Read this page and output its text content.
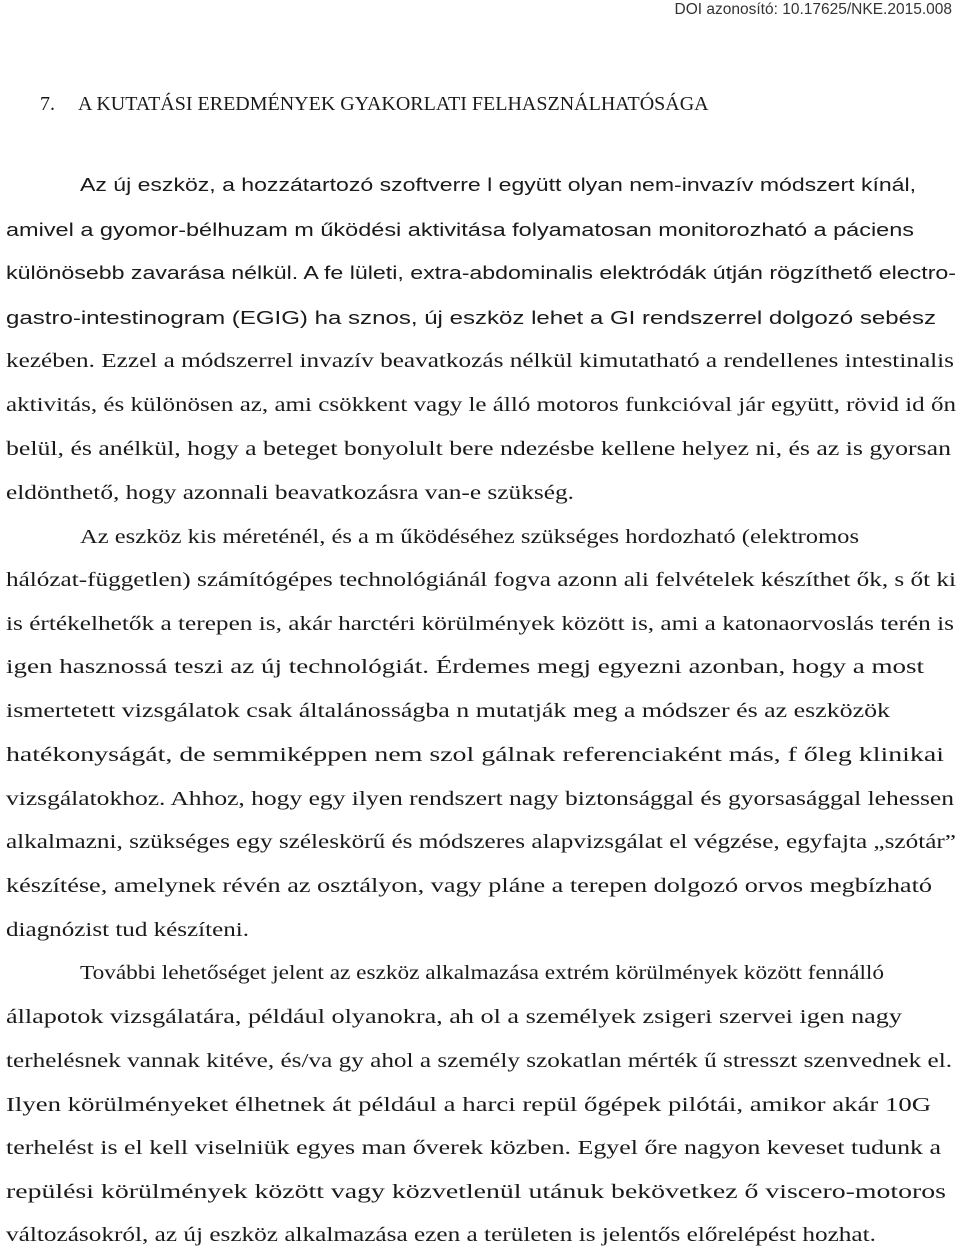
DOI azonosító: 10.17625/NKE.2015.008
7. A KUTATÁSI EREDMÉNYEK GYAKORLATI FELHASZNÁLHATÓSÁGA
Az új eszköz, a hozzátartozó szoftverre l együtt olyan nem-invazív módszert kínál,
amivel a gyomor-bélhuzam m űködési aktivitása folyamatosan monitorozható a páciens
különösebb zavarása nélkül. A fe lületi, extra-abdominalis elektródák útján rögzíthető electro-
gastro-intestinogram (EGIG) ha sznos, új eszköz lehet a GI rendszerrel dolgozó sebész
kezében. Ezzel a módszerrel invazív beavatkozás nélkül kimutatható a rendellenes intestinalis
aktivitás, és különösen az, ami csökkent vagy le álló motoros funkcióval jár együtt, rövid id őn
belül, és anélkül, hogy a beteget bonyolult bere ndezésbe kellene helyez ni, és az is gyorsan
eldönthető, hogy azonnali beavatkozásra van-e szükség.
Az eszköz kis méreténél, és a m űködéséhez szükséges hordozható (elektromos
hálózat-független) számítógépes technológiánál fogva azonn ali felvételek készíthet ők, s őt ki
is értékelhetők a terepen is, akár harctéri körülmények között is, ami a katonaorvoslás terén is
igen hasznossá teszi az új technológiát. Érdemes megj egyezni azonban, hogy a most
ismertetett vizsgálatok csak általánosságba n mutatják meg a módszer és az eszközök
hatékonyságát, de semmiképpen nem szol gálnak referenciaként más, f őleg klinikai
vizsgálatokhoz. Ahhoz, hogy egy ilyen rendszert nagy biztonsággal és gyorsasággal lehessen
alkalmazni, szükséges egy széleskörű és módszeres alapvizsgálat el végzése, egyfajta „szótár”
készítése, amelynek révén az osztályon, vagy pláne a terepen dolgozó orvos megbízható
diagnózist tud készíteni.
További lehetőséget jelent az eszköz alkalmazása extrém körülmények között fennálló
állapotok vizsgálatára, például olyanokra, ah ol a személyek zsigeri szervei igen nagy
terhelésnek vannak kitéve, és/va gy ahol a személy szokatlan mérték ű stresszt szenvednek el.
Ilyen körülményeket élhetnek át például a harci repül őgépek pilótái, amikor akár 10G
terhelést is el kell viselniük egyes man őverek közben. Egyel őre nagyon keveset tudunk a
repülési körülmények között vagy közvetlenül utánuk bekövetkez ő viscero-motoros
változásokról, az új eszköz alkalmazása ezen a területen is jelentős előrelépést hozhat.
